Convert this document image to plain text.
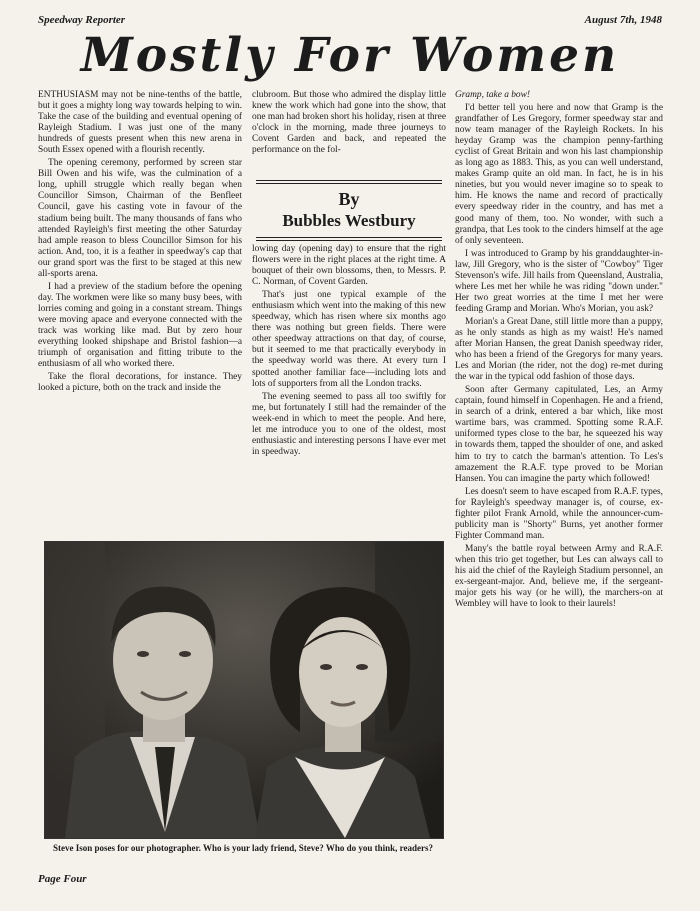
Speedway Reporter	August 7th, 1948
Mostly For Women

ENTHUSIASM may not be nine-tenths of the battle, but it goes a mighty long way towards helping to win. Take the case of the building and eventual opening of Rayleigh Stadium. I was just one of the many hundreds of guests present when this new arena in South Essex opened with a flourish recently.

The opening ceremony, performed by screen star Bill Owen and his wife, was the culmination of a long, uphill struggle which really began when Councillor Simson, Chairman of the Benfleet Council, gave his casting vote in favour of the stadium being built. The many thousands of fans who attended Rayleigh's first meeting the other Saturday had ample reason to bless Councillor Simson for his action. And, too, it is a feather in speedway's cap that our grand sport was the first to be staged at this new all-sports arena.

I had a preview of the stadium before the opening day. The workmen were like so many busy bees, with lorries coming and going in a constant stream. Things were moving apace and everyone connected with the track was working like mad. But by zero hour everything looked shipshape and Bristol fashion—a triumph of organisation and fitting tribute to the enthusiasm of all who worked there.

Take the floral decorations, for instance. They looked a picture, both on the track and inside the

clubroom. But those who admired the display little knew the work which had gone into the show, that one man had broken short his holiday, risen at three o'clock in the morning, made three journeys to Covent Garden and back, and repeated the performance on the fol-

By
Bubbles Westbury

lowing day (opening day) to ensure that the right flowers were in the right places at the right time. A bouquet of their own blossoms, then, to Messrs. P. C. Norman, of Covent Garden.

That's just one typical example of the enthusiasm which went into the making of this new speedway, which has risen where six months ago there was nothing but green fields. There were other speedway attractions on that day, of course, but it seemed to me that practically everybody in the speedway world was there. At every turn I spotted another familiar face—including lots and lots of supporters from all the London tracks.

The evening seemed to pass all too swiftly for me, but fortunately I still had the remainder of the week-end in which to meet the people. And here, let me introduce you to one of the oldest, most enthusiastic and interesting persons I have ever met in speedway.

Gramp, take a bow!

I'd better tell you here and now that Gramp is the grandfather of Les Gregory, former speedway star and now team manager of the Rayleigh Rockets. In his heyday Gramp was the champion penny-farthing cyclist of Great Britain and won his last championship as long ago as 1883. This, as you can well understand, makes Gramp quite an old man. In fact, he is in his nineties, but you would never imagine so to speak to him. He knows the name and record of practically every speedway rider in the country, and has met a good many of them, too. No wonder, with such a grandpa, that Les took to the cinders himself at the age of only seventeen.

I was introduced to Gramp by his granddaughter-in-law, Jill Gregory, who is the sister of "Cowboy" Tiger Stevenson's wife. Jill hails from Queensland, Australia, where Les met her while he was riding "down under." Her two great worries at the time I met her were feeding Gramp and Morian. Who's Morian, you ask?

Morian's a Great Dane, still little more than a puppy, as he only stands as high as my waist! He's named after Morian Hansen, the great Danish speedway rider, who has been a friend of the Gregorys for many years. Les and Morian (the rider, not the dog) re-met during the war in the typical odd fashion of those days.

Soon after Germany capitulated, Les, an Army captain, found himself in Copenhagen. He and a friend, in search of a drink, entered a bar which, like most wartime bars, was crammed. Spotting some R.A.F. uniformed types close to the bar, he squeezed his way in towards them, tapped the shoulder of one, and asked him to try to catch the barman's attention. To Les's amazement the R.A.F. type proved to be Morian Hansen. You can imagine the party which followed!

Les doesn't seem to have escaped from R.A.F. types, for Rayleigh's speedway manager is, of course, ex-fighter pilot Frank Arnold, while the announcer-cum-publicity man is "Shorty" Burns, yet another former Fighter Command man.

Many's the battle royal between Army and R.A.F. when this trio get together, but Les can always call to his aid the chief of the Rayleigh Stadium personnel, an ex-sergeant-major. And, believe me, if the sergeant-major gets his way (or he will), the marchers-on at Wembley will have to look to their laurels!

Steve Ison poses for our photographer. Who is your lady friend, Steve? Who do you think, readers?
Page Four
